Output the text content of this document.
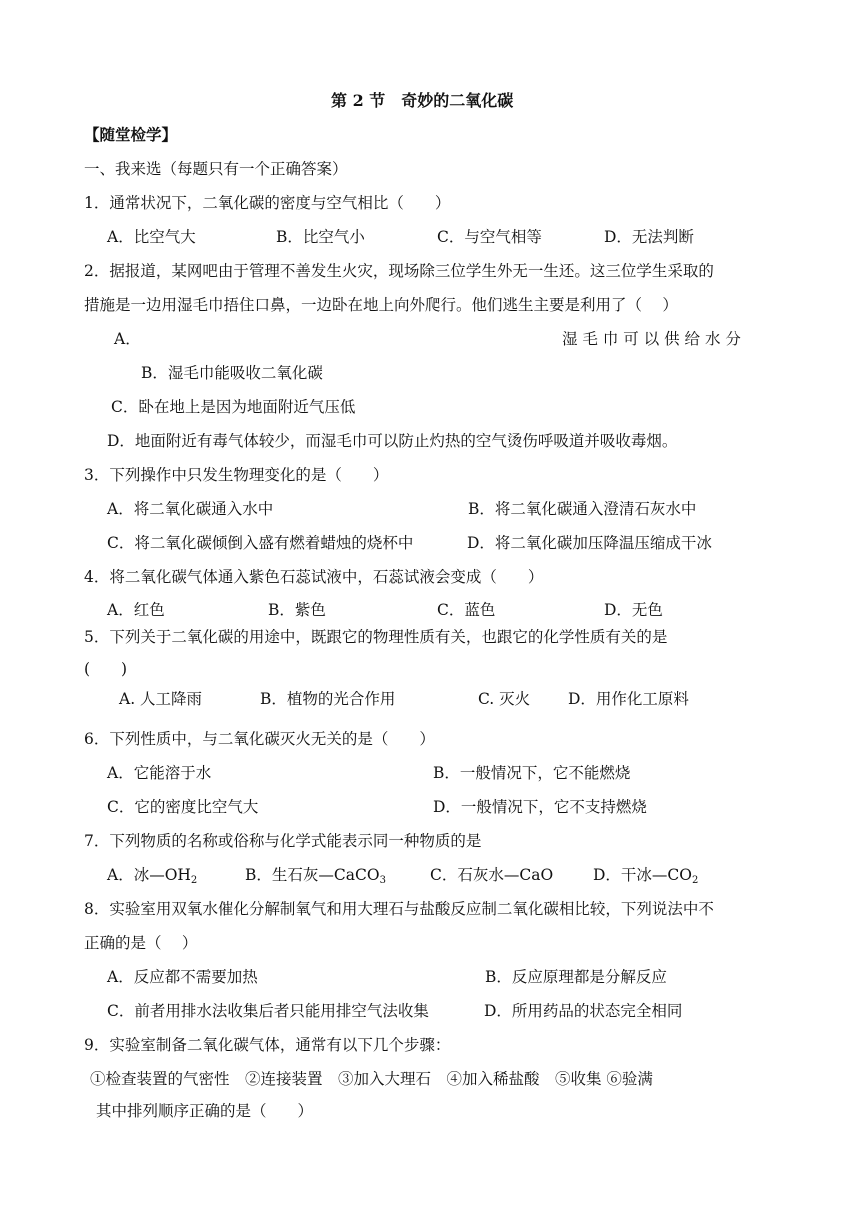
第 2 节　奇妙的二氧化碳
【随堂检学】
一、我来选（每题只有一个正确答案）
1．通常状况下，二氧化碳的密度与空气相比（　　）
A．比空气大	B．比空气小	C．与空气相等	D．无法判断
2．据报道，某网吧由于管理不善发生火灾，现场除三位学生外无一生还。这三位学生采取的
措施是一边用湿毛巾捂住口鼻，一边卧在地上向外爬行。他们逃生主要是利用了（　 ）
A．	湿 毛 巾 可 以 供 给 水 分
B．湿毛巾能吸收二氧化碳
C．卧在地上是因为地面附近气压低
D．地面附近有毒气体较少，而湿毛巾可以防止灼热的空气烫伤呼吸道并吸收毒烟。
3．下列操作中只发生物理变化的是（　　）
A．将二氧化碳通入水中	B．将二氧化碳通入澄清石灰水中
C．将二氧化碳倾倒入盛有燃着蜡烛的烧杯中	D．将二氧化碳加压降温压缩成干冰
4．将二氧化碳气体通入紫色石蕊试液中，石蕊试液会变成（　　）
A．红色	B．紫色	C．蓝色	D．无色
5．下列关于二氧化碳的用途中，既跟它的物理性质有关，也跟它的化学性质有关的是
(　　)
A. 人工降雨	B．植物的光合作用	C. 灭火 D．用作化工原料
6．下列性质中，与二氧化碳灭火无关的是（　　）
A．它能溶于水	B．一般情况下，它不能燃烧
C．它的密度比空气大	D．一般情况下，它不支持燃烧
7．下列物质的名称或俗称与化学式能表示同一种物质的是
A．冰$—OH_2$	B．生石灰—CaCO$_3$	C．石灰水—CaO	D．干冰$—CO_2$
8．实验室用双氧水催化分解制氧气和用大理石与盐酸反应制二氧化碳相比较，下列说法中不
正确的是（　 ）
A．反应都不需要加热	B．反应原理都是分解反应
C．前者用排水法收集后者只能用排空气法收集	D．所用药品的状态完全相同
9．实验室制备二氧化碳气体，通常有以下几个步骤：
①检查装置的气密性　②连接装置　③加入大理石　④加入稀盐酸　⑤收集 ⑥验满
其中排列顺序正确的是（　　）
